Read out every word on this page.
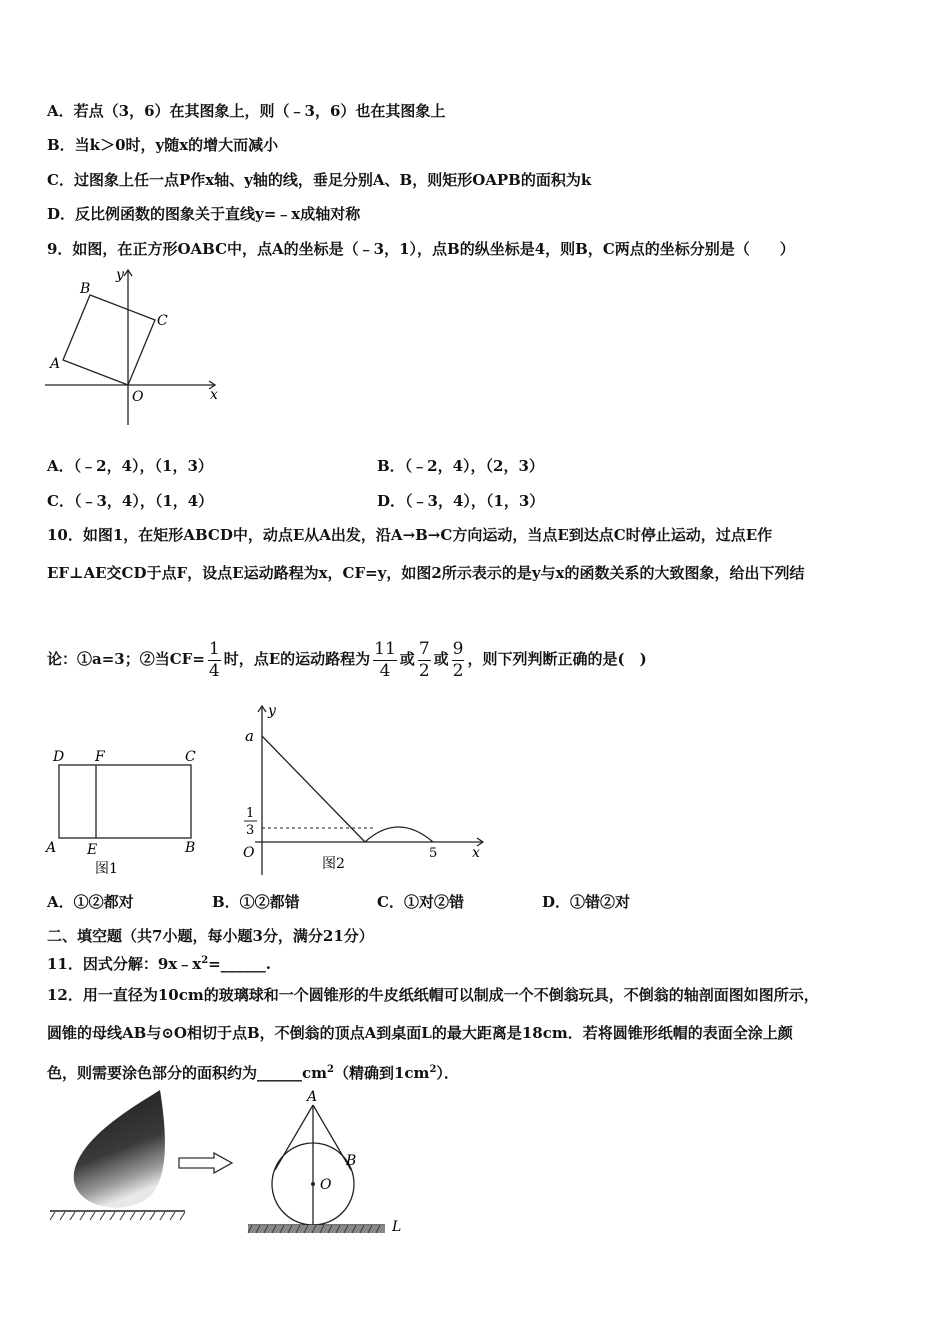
A．若点（3，6）在其图象上，则（﹣3，6）也在其图象上
B．当k＞0时，y随x的增大而减小
C．过图象上任一点P作x轴、y轴的线，垂足分别A、B，则矩形OAPB的面积为k
D．反比例函数的图象关于直线y=﹣x成轴对称
9．如图，在正方形OABC中，点A的坐标是（﹣3，1），点B的纵坐标是4，则B，C两点的坐标分别是（　　）
B
C
A
O	x
y
A．（﹣2，4），（1，3）	B．（﹣2，4），（2，3）
C．（﹣3，4），（1，4）	D．（﹣3，4），（1，3）
10．如图1，在矩形ABCD中，动点E从A出发，沿A→B→C方向运动，当点E到达点C时停止运动，过点E作
EF⊥AE交CD于点F，设点E运动路程为x，CF=y，如图2所示表示的是y与x的函数关系的大致图象，给出下列结
论：①a=3；②当$CF= \frac{1}{4}$ 时，点E的运动路程为 $\frac{11}{4}$ 或 $\frac{7}{2}$ 或 $\frac{9}{2}$ ，则下列判断正确的是(　)
D F	C
A E	B
图1
y
a
1
3
O	5 x
图2
A．①②都对	B．①②都错	C．①对②错	D．①错②对
二、填空题（共7小题，每小题3分，满分21分）
11．因式分解：$9x﹣x^2=\_\_\_\_\_\_$.
12．用一直径为10cm的玻璃球和一个圆锥形的牛皮纸纸帽可以制成一个不倒翁玩具，不倒翁的轴剖面图如图所示，
圆锥的母线AB与⊙O相切于点B，不倒翁的顶点A到桌面L的最大距离是18cm．若将圆锥形纸帽的表面全涂上颜
色，则需要涂色部分的面积约为$\_\_\_\_\_\_cm^2$（精确到$1cm^2$）．
A
B
O
L
